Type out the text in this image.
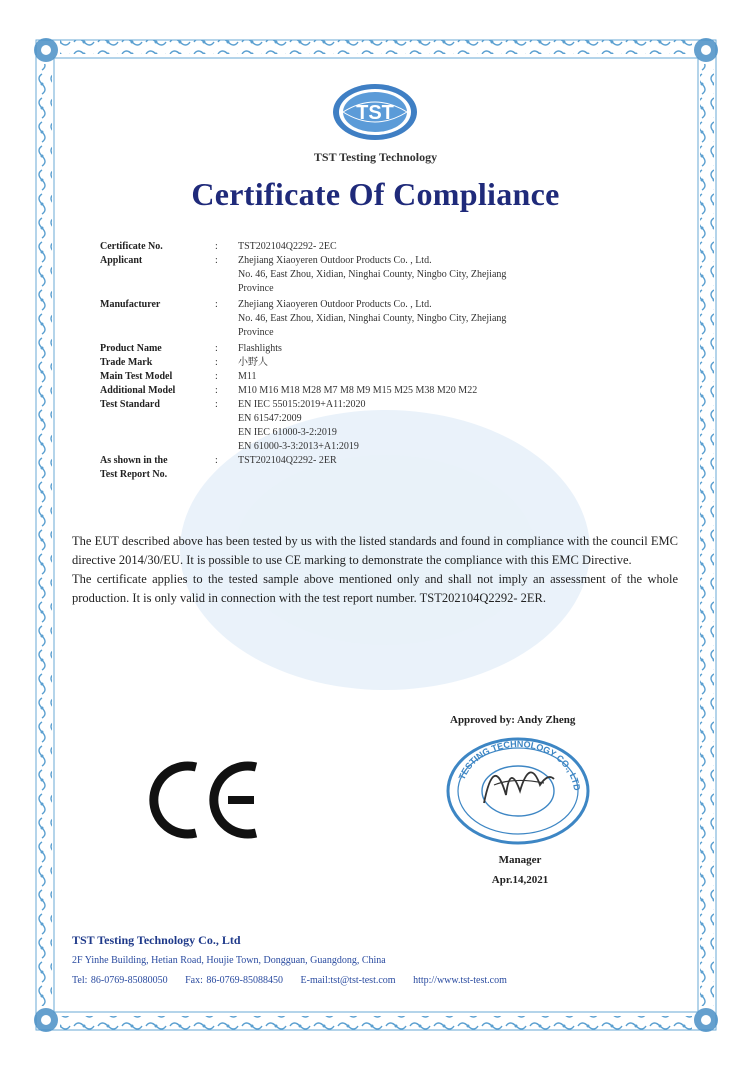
TST
TST Testing Technology
Certificate Of Compliance
Certificate No.	:	TST202104Q2292- 2EC
Applicant	:	Zhejiang Xiaoyeren Outdoor Products Co. , Ltd.
No. 46, East Zhou, Xidian, Ninghai County, Ningbo City, Zhejiang
Province
Manufacturer	:	Zhejiang Xiaoyeren Outdoor Products Co. , Ltd.
No. 46, East Zhou, Xidian, Ninghai County, Ningbo City, Zhejiang
Province
Product Name	:	Flashlights
Trade Mark	:	小野人
Main Test Model	:	M11
Additional Model	:	M10 M16 M18 M28 M7 M8 M9 M15 M25 M38 M20 M22
Test Standard	:	EN IEC 55015:2019+A11:2020
EN 61547:2009
EN IEC 61000-3-2:2019
EN 61000-3-3:2013+A1:2019
As shown in the
Test Report No.
:	TST202104Q2292- 2ER

The EUT described above has been tested by us with the listed standards and found in compliance with the council EMC directive 2014/30/EU. It is possible to use CE marking to demonstrate the compliance with this EMC Directive.

The certificate applies to the tested sample above mentioned only and shall not imply an assessment of the whole production. It is only valid in connection with the test report number. TST202104Q2292- 2ER.

Approved by: Andy Zheng
TESTING TECHNOLOGY CO., LTD
Manager
Apr.14,2021
TST Testing Technology Co., Ltd
2F Yinhe Building, Hetian Road, Houjie Town, Dongguan, Guangdong, China
Tel: 86-0769-85080050 Fax: 86-0769-85088450 E-mail:tst@tst-test.com http://www.tst-test.com
